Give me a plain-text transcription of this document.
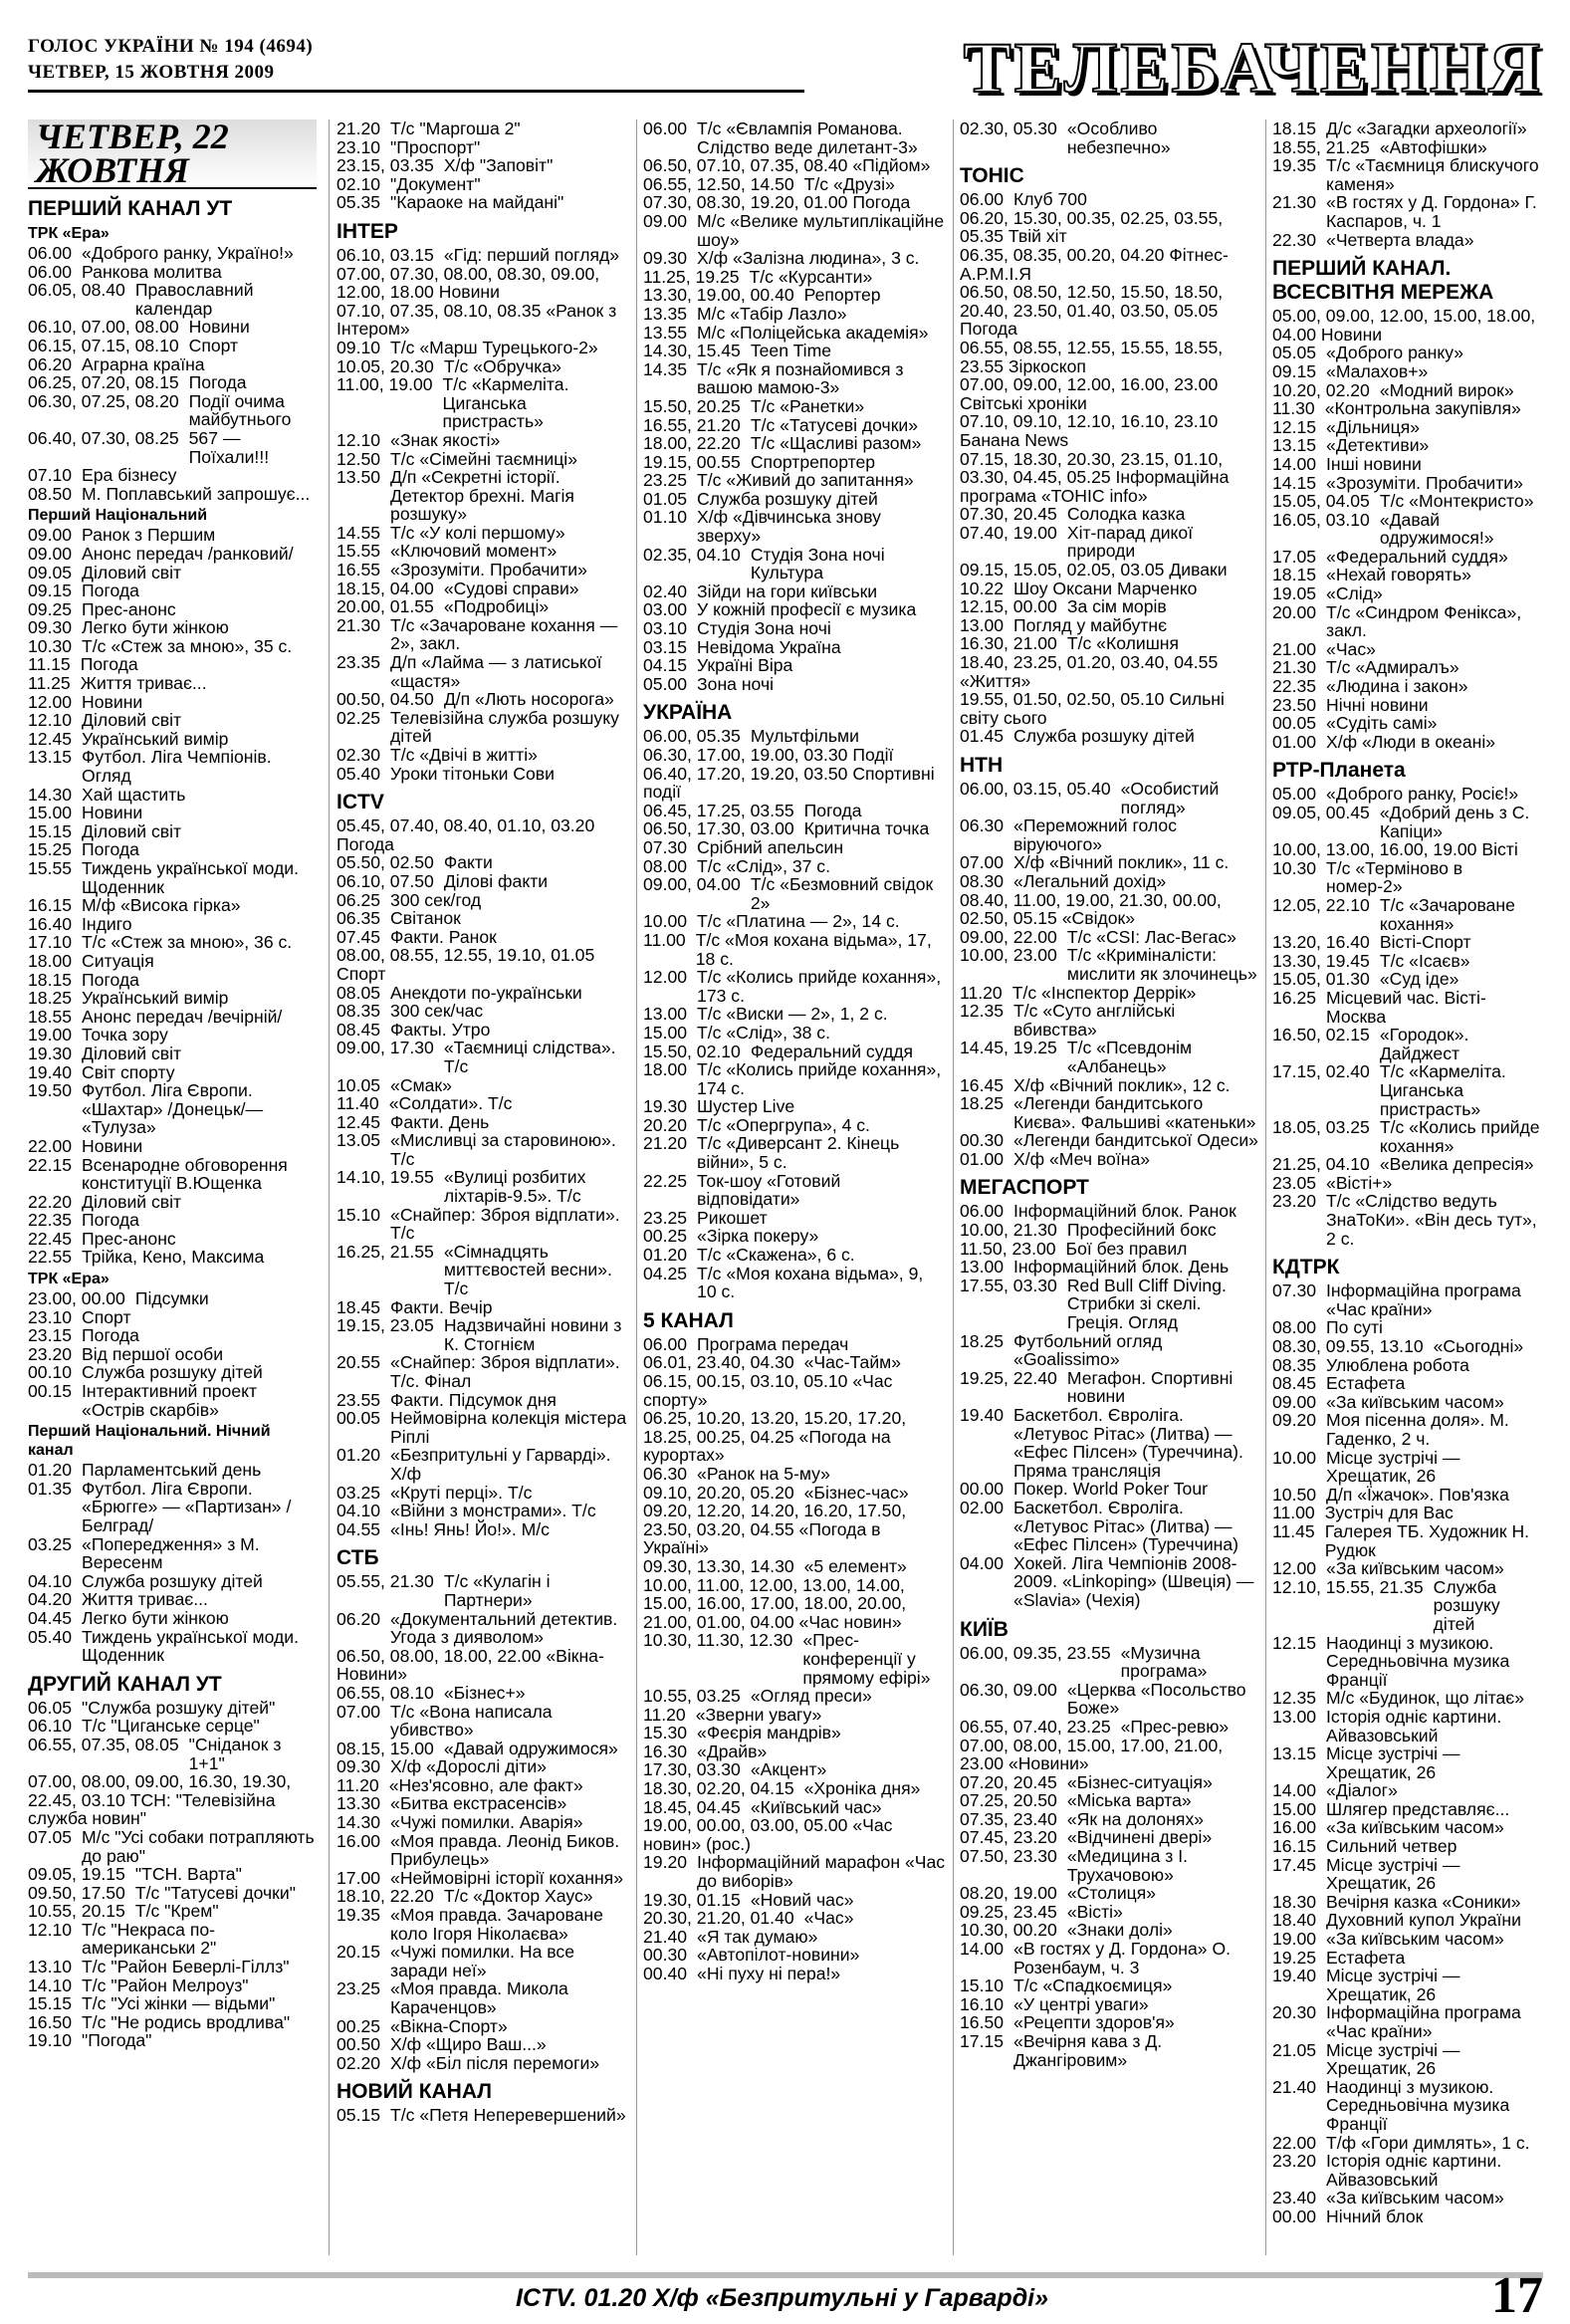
ГОЛОС УКРАЇНИ № 194 (4694)
ЧЕТВЕР, 15 ЖОВТНЯ 2009	ТЕЛЕБАЧЕННЯ
ЧЕТВЕР, 22 ЖОВТНЯ
ПЕРШИЙ КАНАЛ УТ
ТРК «Ера»
06.00 «Доброго ранку, Україно!»
06.00 Ранкова молитва
06.05, 08.40 Православний календар
06.10, 07.00, 08.00 Новини
06.15, 07.15, 08.10 Спорт
06.20 Аграрна країна
06.25, 07.20, 08.15 Погода
06.30, 07.25, 08.20 Події очима майбутнього
06.40, 07.30, 08.25 567 — Поїхали!!!
07.10 Ера бізнесу
08.50 М. Поплавський запрошує...
Перший Національний
09.00 Ранок з Першим
09.00 Анонс передач /ранковий/
09.05 Діловий світ
09.15 Погода
09.25 Прес-анонс
09.30 Легко бути жінкою
10.30 Т/с «Стеж за мною», 35 с.
11.15 Погода
11.25 Життя триває...
12.00 Новини
12.10 Діловий світ
12.45 Український вимір
13.15 Футбол. Ліга Чемпіонів. Огляд
14.30 Хай щастить
15.00 Новини
15.15 Діловий світ
15.25 Погода
15.55 Тиждень української моди. Щоденник
16.15 М/ф «Висока гірка»
16.40 Індиго
17.10 Т/с «Стеж за мною», 36 с.
18.00 Ситуація
18.15 Погода
18.25 Український вимір
18.55 Анонс передач /вечірній/
19.00 Точка зору
19.30 Діловий світ
19.40 Світ спорту
19.50 Футбол. Ліга Європи. «Шахтар» /Донецьк/— «Тулуза»
22.00 Новини
22.15 Всенародне обговорення конституції В.Ющенка
22.20 Діловий світ
22.35 Погода
22.45 Прес-анонс
22.55 Трійка, Кено, Максима
ТРК «Ера»
23.00, 00.00 Підсумки
23.10 Спорт
23.15 Погода
23.20 Від першої особи
00.10 Служба розшуку дітей
00.15 Інтерактивний проект «Острів скарбів»
Перший Національний. Нічний канал
01.20 Парламентський день
01.35 Футбол. Ліга Європи. «Брюгге» — «Партизан» /Белград/
03.25 «Попередження» з М. Вересенм
04.10 Служба розшуку дітей
04.20 Життя триває...
04.45 Легко бути жінкою
05.40 Тиждень української моди. Щоденник
ДРУГИЙ КАНАЛ УТ
06.05 "Служба розшуку дітей"
06.10 Т/с "Циганське серце"
06.55, 07.35, 08.05 "Сніданок з 1+1"
07.00, 08.00, 09.00, 16.30, 19.30, 22.45, 03.10 ТСН: "Телевізійна служба новин"
07.05 М/с "Усі собаки потрапляють до раю"
09.05, 19.15 "ТСН. Варта"
09.50, 17.50 Т/с "Татусеві дочки"
10.55, 20.15 Т/с "Крем"
12.10 Т/с "Некраса по-американськи 2"
13.10 Т/с "Район Беверлі-Гіллз"
14.10 Т/с "Район Мелроуз"
15.15 Т/с "Усі жінки — відьми"
16.50 Т/с "Не родись вродлива"
19.10 "Погода"
21.20 Т/с "Маргоша 2"
23.10 "Проспорт"
23.15, 03.35 Х/ф "Заповіт"
02.10 "Документ"
05.35 "Караоке на майдані"
ІНТЕР
06.10, 03.15 «Гід: перший погляд»
07.00, 07.30, 08.00, 08.30, 09.00, 12.00, 18.00 Новини
07.10, 07.35, 08.10, 08.35 «Ранок з Інтером»
09.10 Т/с «Марш Турецького-2»
10.05, 20.30 Т/с «Обручка»
11.00, 19.00 Т/с «Кармеліта. Циганська пристрасть»
12.10 «Знак якості»
12.50 Т/с «Сімейні таємниці»
13.50 Д/п «Секретні історії. Детектор брехні. Магія розшуку»
14.55 Т/с «У колі першому»
15.55 «Ключовий момент»
16.55 «Зрозуміти. Пробачити»
18.15, 04.00 «Судові справи»
20.00, 01.55 «Подробиці»
21.30 Т/с «Зачароване кохання — 2», закл.
23.35 Д/п «Лайма — з латиської «щастя»
00.50, 04.50 Д/п «Лють носорога»
02.25 Телевізійна служба розшуку дітей
02.30 Т/с «Двічі в житті»
05.40 Уроки тітоньки Сови
ICTV
05.45, 07.40, 08.40, 01.10, 03.20 Погода
05.50, 02.50 Факти
06.10, 07.50 Ділові факти
06.25 300 сек/год
06.35 Світанок
07.45 Факти. Ранок
08.00, 08.55, 12.55, 19.10, 01.05 Спорт
08.05 Анекдоти по-українськи
08.35 300 сек/час
08.45 Факты. Утро
09.00, 17.30 «Таємниці слідства». Т/с
10.05 «Смак»
11.40 «Солдати». Т/с
12.45 Факти. День
13.05 «Мисливці за старовиною». Т/с
14.10, 19.55 «Вулиці розбитих ліхтарів-9.5». Т/с
15.10 «Снайпер: Зброя відплати». Т/с
16.25, 21.55 «Сімнадцять миттєвостей весни». Т/с
18.45 Факти. Вечір
19.15, 23.05 Надзвичайні новини з К. Стогнієм
20.55 «Снайпер: Зброя відплати». Т/с. Фінал
23.55 Факти. Підсумок дня
00.05 Неймовірна колекція містера Ріплі
01.20 «Безпритульні у Гарварді». Х/ф
03.25 «Круті перці». Т/с
04.10 «Війни з монстрами». Т/с
04.55 «Інь! Янь! Йо!». М/с
СТБ
05.55, 21.30 Т/с «Кулагін і Партнери»
06.20 «Документальний детектив. Угода з дияволом»
06.50, 08.00, 18.00, 22.00 «Вікна-Новини»
06.55, 08.10 «Бізнес+»
07.00 Т/с «Вона написала убивство»
08.15, 15.00 «Давай одружимося»
09.30 Х/ф «Дорослі діти»
11.20 «Нез'ясовно, але факт»
13.30 «Битва екстрасенсів»
14.30 «Чужі помилки. Аварія»
16.00 «Моя правда. Леонід Биков. Прибулець»
17.00 «Неймовірні історії кохання»
18.10, 22.20 Т/с «Доктор Хаус»
19.35 «Моя правда. Зачароване коло Ігоря Ніколаєва»
20.15 «Чужі помилки. На все заради неї»
23.25 «Моя правда. Микола Караченцов»
00.25 «Вікна-Спорт»
00.50 Х/ф «Щиро Ваш...»
02.20 Х/ф «Біл після перемоги»
НОВИЙ КАНАЛ
05.15 Т/с «Петя Неперевершений»
06.00 Т/с «Євлампія Романова. Слідство веде дилетант-3»
06.50, 07.10, 07.35, 08.40 «Підйом»
06.55, 12.50, 14.50 Т/с «Друзі»
07.30, 08.30, 19.20, 01.00 Погода
09.00 М/с «Велике мультиплікаційне шоу»
09.30 Х/ф «Залізна людина», 3 с.
11.25, 19.25 Т/с «Курсанти»
13.30, 19.00, 00.40 Репортер
13.35 М/с «Табір Лазло»
13.55 М/с «Поліцейська академія»
14.30, 15.45 Teen Time
14.35 Т/с «Як я познайомився з вашою мамою-3»
15.50, 20.25 Т/с «Ранетки»
16.55, 21.20 Т/с «Татусеві дочки»
18.00, 22.20 Т/с «Щасливі разом»
19.15, 00.55 Спортрепортер
23.25 Т/с «Живий до запитання»
01.05 Служба розшуку дітей
01.10 Х/ф «Дівчинська знову зверху»
02.35, 04.10 Студія Зона ночі Культура
02.40 Зійди на гори київськи
03.00 У кожній професії є музика
03.10 Студія Зона ночі
03.15 Невідома Україна
04.15 Україні Віра
05.00 Зона ночі
УКРАЇНА
06.00, 05.35 Мультфільми
06.30, 17.00, 19.00, 03.30 Події
06.40, 17.20, 19.20, 03.50 Спортивні події
06.45, 17.25, 03.55 Погода
06.50, 17.30, 03.00 Критична точка
07.30 Срібний апельсин
08.00 Т/с «Слід», 37 с.
09.00, 04.00 Т/с «Безмовний свідок 2»
10.00 Т/с «Платина — 2», 14 с.
11.00 Т/с «Моя кохана відьма», 17, 18 с.
12.00 Т/с «Колись прийде кохання», 173 с.
13.00 Т/с «Виски — 2», 1, 2 с.
15.00 Т/с «Слід», 38 с.
15.50, 02.10 Федеральний суддя
18.00 Т/с «Колись прийде кохання», 174 с.
19.30 Шустер Live
20.20 Т/с «Опергрупа», 4 с.
21.20 Т/с «Диверсант 2. Кінець війни», 5 с.
22.25 Ток-шоу «Готовий відповідати»
23.25 Рикошет
00.25 «Зірка покеру»
01.20 Т/с «Скажена», 6 с.
04.25 Т/с «Моя кохана відьма», 9, 10 с.
5 КАНАЛ
06.00 Програма передач
06.01, 23.40, 04.30 «Час-Тайм»
06.15, 00.15, 03.10, 05.10 «Час спорту»
06.25, 10.20, 13.20, 15.20, 17.20, 18.25, 00.25, 04.25 «Погода на курортах»
06.30 «Ранок на 5-му»
09.10, 20.20, 05.20 «Бізнес-час»
09.20, 12.20, 14.20, 16.20, 17.50, 23.50, 03.20, 04.55 «Погода в Україні»
09.30, 13.30, 14.30 «5 елемент»
10.00, 11.00, 12.00, 13.00, 14.00, 15.00, 16.00, 17.00, 18.00, 20.00, 21.00, 01.00, 04.00 «Час новин»
10.30, 11.30, 12.30 «Прес-конференції у прямому ефірі»
10.55, 03.25 «Огляд преси»
11.20 «Зверни увагу»
15.30 «Феєрія мандрів»
16.30 «Драйв»
17.30, 03.30 «Акцент»
18.30, 02.20, 04.15 «Хроніка дня»
18.45, 04.45 «Київський час»
19.00, 00.00, 03.00, 05.00 «Час новин» (рос.)
19.20 Інформаційний марафон «Час до виборів»
19.30, 01.15 «Новий час»
20.30, 21.20, 01.40 «Час»
21.40 «Я так думаю»
00.30 «Автопілот-новини»
00.40 «Ні пуху ні пера!»
02.30, 05.30 «Особливо небезпечно»
ТОНІС
06.00 Клуб 700
06.20, 15.30, 00.35, 02.25, 03.55, 05.35 Твій хіт
06.35, 08.35, 00.20, 04.20 Фітнес-А.Р.М.І.Я
06.50, 08.50, 12.50, 15.50, 18.50, 20.40, 23.50, 01.40, 03.50, 05.05 Погода
06.55, 08.55, 12.55, 15.55, 18.55, 23.55 Зіркоскоп
07.00, 09.00, 12.00, 16.00, 23.00 Світські хроніки
07.10, 09.10, 12.10, 16.10, 23.10 Банана News
07.15, 18.30, 20.30, 23.15, 01.10, 03.30, 04.45, 05.25 Інформаційна програма «ТОНІС info»
07.30, 20.45 Солодка казка
07.40, 19.00 Хіт-парад дикої природи
09.15, 15.05, 02.05, 03.05 Диваки
10.22 Шоу Оксани Марченко
12.15, 00.00 За сім морів
13.00 Погляд у майбутнє
16.30, 21.00 Т/с «Колишня
18.40, 23.25, 01.20, 03.40, 04.55 «Життя»
19.55, 01.50, 02.50, 05.10 Сильні світу сього
01.45 Служба розшуку дітей
НТН
06.00, 03.15, 05.40 «Особистий погляд»
06.30 «Переможний голос віруючого»
07.00 Х/ф «Вічний поклик», 11 с.
08.30 «Легальний дохід»
08.40, 11.00, 19.00, 21.30, 00.00, 02.50, 05.15 «Свідок»
09.00, 22.00 Т/с «CSI: Лас-Вегас»
10.00, 23.00 Т/с «Криміналісти: мислити як злочинець»
11.20 Т/с «Інспектор Деррік»
12.35 Т/с «Суто англійські вбивства»
14.45, 19.25 Т/с «Псевдонім «Албанець»
16.45 Х/ф «Вічний поклик», 12 с.
18.25 «Легенди бандитського Києва». Фальшиві «катеньки»
00.30 «Легенди бандитської Одеси»
01.00 Х/ф «Меч воїна»
МЕГАСПОРТ
06.00 Інформаційний блок. Ранок
10.00, 21.30 Професійний бокс
11.50, 23.00 Бої без правил
13.00 Інформаційний блок. День
17.55, 03.30 Red Bull Cliff Diving. Стрибки зі скелі. Греція. Огляд
18.25 Футбольний огляд «Goalissimo»
19.25, 22.40 Мегафон. Спортивні новини
19.40 Баскетбол. Євроліга. «Летувос Рітас» (Литва) — «Ефес Пілсен» (Туреччина). Пряма трансляція
00.00 Покер. World Poker Tour
02.00 Баскетбол. Євроліга. «Летувос Рітас» (Литва) — «Ефес Пілсен» (Туреччина)
04.00 Хокей. Ліга Чемпіонів 2008-2009. «Linkoping» (Швеція) — «Slavia» (Чехія)
КИЇВ
06.00, 09.35, 23.55 «Музична програма»
06.30, 09.00 «Церква «Посольство Боже»
06.55, 07.40, 23.25 «Прес-ревю»
07.00, 08.00, 15.00, 17.00, 21.00, 23.00 «Новини»
07.20, 20.45 «Бізнес-ситуація»
07.25, 20.50 «Міська варта»
07.35, 23.40 «Як на долонях»
07.45, 23.20 «Відчинені двері»
07.50, 23.30 «Медицина з І. Трухачовою»
08.20, 19.00 «Столиця»
09.25, 23.45 «Вісті»
10.30, 00.20 «Знаки долі»
14.00 «В гостях у Д. Гордона» О. Розенбаум, ч. 3
15.10 Т/с «Спадкоємиця»
16.10 «У центрі уваги»
16.50 «Рецепти здоров'я»
17.15 «Вечірня кава з Д. Джангіровим»
18.15 Д/с «Загадки археології»
18.55, 21.25 «Автофішки»
19.35 Т/с «Таємниця блискучого каменя»
21.30 «В гостях у Д. Гордона» Г. Каспаров, ч. 1
22.30 «Четверта влада»
ПЕРШИЙ КАНАЛ. ВСЕСВІТНЯ МЕРЕЖА
05.00, 09.00, 12.00, 15.00, 18.00, 04.00 Новини
05.05 «Доброго ранку»
09.15 «Малахов+»
10.20, 02.20 «Модний вирок»
11.30 «Контрольна закупівля»
12.15 «Дільниця»
13.15 «Детективи»
14.00 Інші новини
14.15 «Зрозуміти. Пробачити»
15.05, 04.05 Т/с «Монтекристо»
16.05, 03.10 «Давай одружимося!»
17.05 «Федеральний суддя»
18.15 «Нехай говорять»
19.05 «Слід»
20.00 Т/с «Синдром Фенікса», закл.
21.00 «Час»
21.30 Т/с «Адмиралъ»
22.35 «Людина і закон»
23.50 Нічні новини
00.05 «Судіть самі»
01.00 Х/ф «Люди в океані»
РТР-Планета
05.00 «Доброго ранку, Росіє!»
09.05, 00.45 «Добрий день з С. Капіци»
10.00, 13.00, 16.00, 19.00 Вісті
10.30 Т/с «Терміново в номер-2»
12.05, 22.10 Т/с «Зачароване кохання»
13.20, 16.40 Вісті-Спорт
13.30, 19.45 Т/с «Ісаєв»
15.05, 01.30 «Суд іде»
16.25 Місцевий час. Вісті-Москва
16.50, 02.15 «Городок». Дайджест
17.15, 02.40 Т/с «Кармеліта. Циганська пристрасть»
18.05, 03.25 Т/с «Колись прийде кохання»
21.25, 04.10 «Велика депресія»
23.05 «Вісті+»
23.20 Т/с «Слідство ведуть ЗнаТоКи». «Він десь тут», 2 с.
КДТРК
07.30 Інформаційна програма «Час країни»
08.00 По суті
08.30, 09.55, 13.10 «Сьогодні»
08.35 Улюблена робота
08.45 Естафета
09.00 «За київським часом»
09.20 Моя пісенна доля». М. Гаденко, 2 ч.
10.00 Місце зустрічі — Хрещатик, 26
10.50 Д/п «Їжачок». Пов'язка
11.00 Зустріч для Вас
11.45 Галерея ТБ. Художник Н. Рудюк
12.00 «За київським часом»
12.10, 15.55, 21.35 Служба розшуку дітей
12.15 Наодинці з музикою. Середньовічна музика Франції
12.35 М/с «Будинок, що літає»
13.00 Історія одніє картини. Айвазовський
13.15 Місце зустрічі — Хрещатик, 26
14.00 «Діалог»
15.00 Шлягер представляє...
16.00 «За київським часом»
16.15 Сильний четвер
17.45 Місце зустрічі — Хрещатик, 26
18.30 Вечірня казка «Соники»
18.40 Духовний купол України
19.00 «За київським часом»
19.25 Естафета
19.40 Місце зустрічі — Хрещатик, 26
20.30 Інформаційна програма «Час країни»
21.05 Місце зустрічі — Хрещатик, 26
21.40 Наодинці з музикою. Середньовічна музика Франції
22.00 Т/ф «Гори димлять», 1 с.
23.20 Історія одніє картини. Айвазовський
23.40 «За київським часом»
00.00 Нічний блок
ICTV. 01.20 Х/ф «Безпритульні у Гарварді»	17
